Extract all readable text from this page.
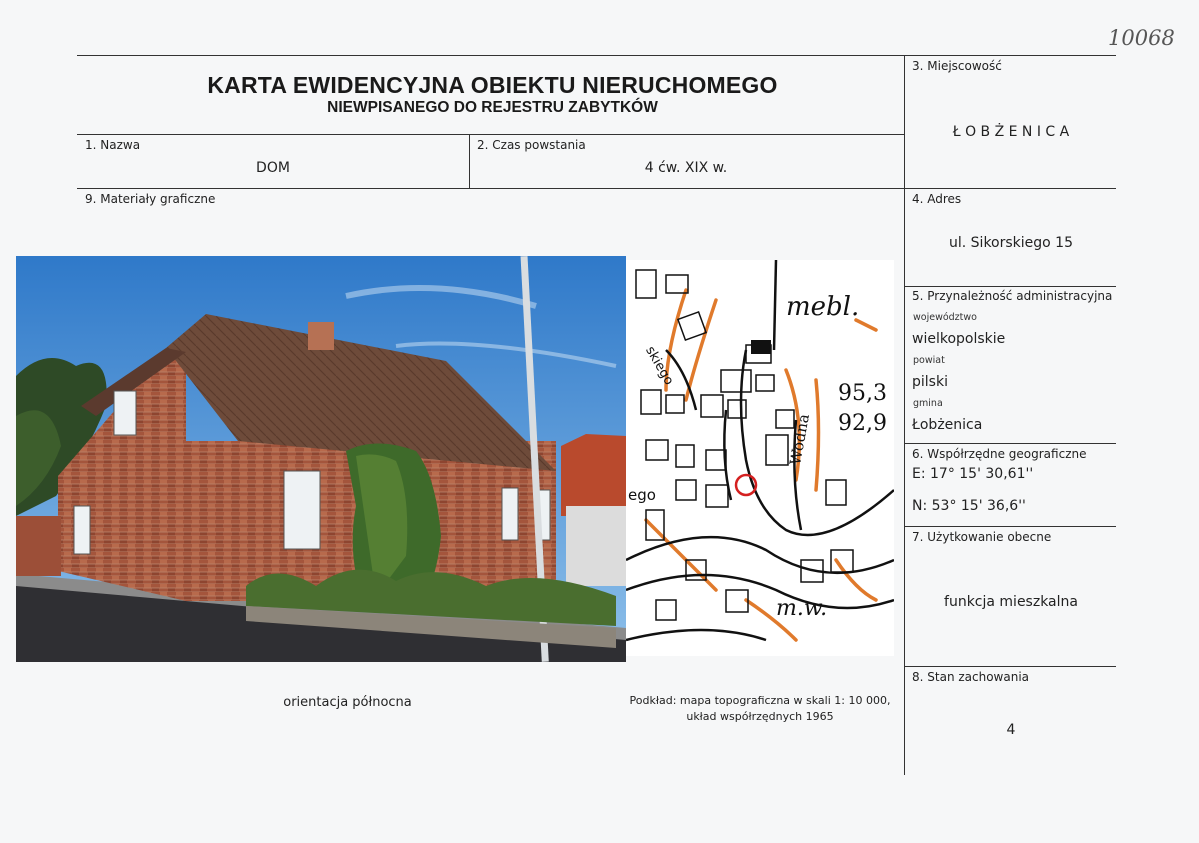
10068
KARTA EWIDENCYJNA OBIEKTU NIERUCHOMEGO
NIEWPISANEGO DO REJESTRU ZABYTKÓW
1. Nazwa
DOM
2. Czas powstania
4 ćw. XIX w.
3. Miejscowość
Ł O B Ż E N I C A
4. Adres
ul. Sikorskiego 15
5. Przynależność administracyjna
województwo
wielkopolskie
powiat
pilski
gmina
Łobżenica
6. Współrzędne geograficzne
E: 17° 15' 30,61''
N: 53° 15' 36,6''
7. Użytkowanie obecne
funkcja mieszkalna
8. Stan zachowania
4
9. Materiały graficzne
mebl.
95,3
92,9
Wodna
skiego
ego
m.w.
orientacja północna	Podkład: mapa topograficzna w skali 1: 10 000,
układ współrzędnych 1965
